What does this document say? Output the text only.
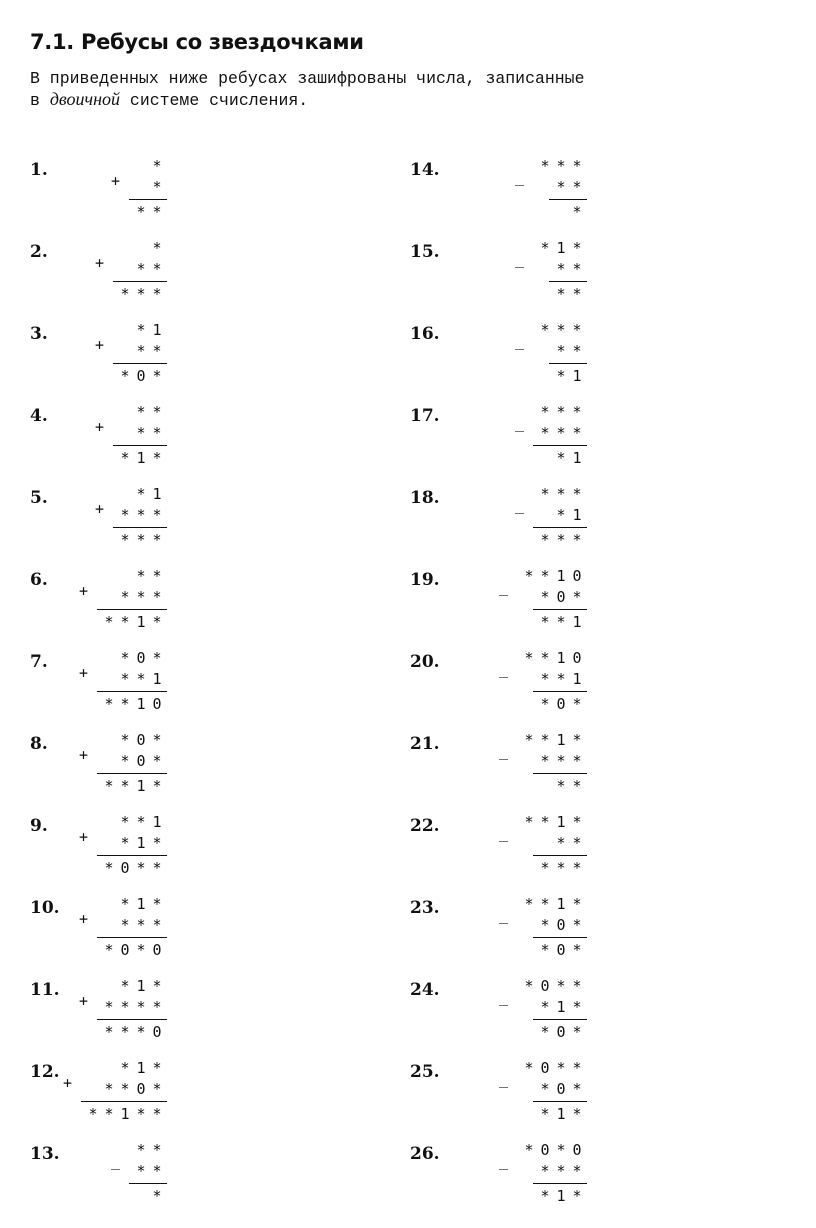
7.1. Ребусы со звездочками
В приведенных ниже ребусах зашифрованы числа, записанные
в двоичной системе счисления.
1.
+
*
*
* *
2.
+
*
* *
* * *
3.
+
* 1
* *
* 0 *
4.
+
* *
* *
* 1 *
5.
+
* 1
* * *
* * *
6.
+
* *
* * *
* * 1 *
7.
+
* 0 *
* * 1
* * 1 0
8.
+
* 0 *
* 0 *
* * 1 *
9.
+
* * 1
* 1 *
* 0 * *
10.
+
* 1 *
* * *
* 0 * 0
11.
+
* 1 *
* * * *
* * * 0
12.
+
* 1 *
* * 0 *
* * 1 * *
13.	_
* *
* *
*
14.	_
* * *
* *
*
15.	_
* 1 *
* *
* *
16.	_
* * *
* *
* 1
17.	_
* * *
* * *
* 1
18.	_
* * *
* 1
* * *
19.	_
* * 1 0
* 0 *
* * 1
20.	_
* * 1 0
* * 1
* 0 *
21.	_
* * 1 *
* * *
* *
22.	_
* * 1 *
* *
* * *
23.	_
* * 1 *
* 0 *
* 0 *
24.	_
* 0 * *
* 1 *
* 0 *
25.	_
* 0 * *
* 0 *
* 1 *
26.	_
* 0 * 0
* * *
* 1 *
